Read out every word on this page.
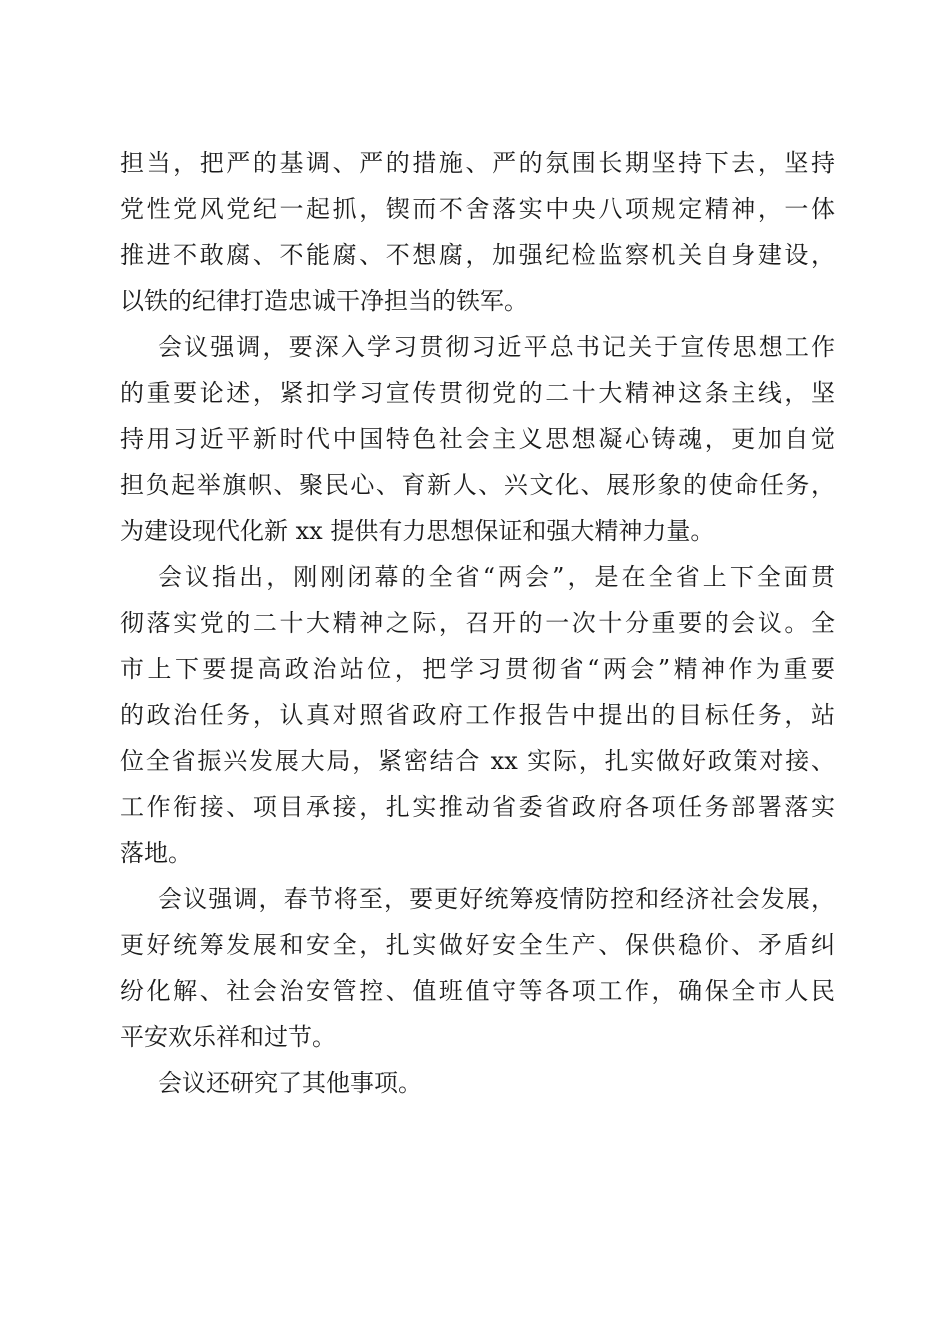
担当，把严的基调、严的措施、严的氛围长期坚持下去，坚持
党性党风党纪一起抓，锲而不舍落实中央八项规定精神，一体
推进不敢腐、不能腐、不想腐，加强纪检监察机关自身建设，
以铁的纪律打造忠诚干净担当的铁军。
会议强调，要深入学习贯彻习近平总书记关于宣传思想工作
的重要论述，紧扣学习宣传贯彻党的二十大精神这条主线，坚
持用习近平新时代中国特色社会主义思想凝心铸魂，更加自觉
担负起举旗帜、聚民心、育新人、兴文化、展形象的使命任务，
为建设现代化新 xx 提供有力思想保证和强大精神力量。
会议指出，刚刚闭幕的全省“两会”，是在全省上下全面贯
彻落实党的二十大精神之际，召开的一次十分重要的会议。全
市上下要提高政治站位，把学习贯彻省“两会”精神作为重要
的政治任务，认真对照省政府工作报告中提出的目标任务，站
位全省振兴发展大局，紧密结合 xx 实际，扎实做好政策对接、
工作衔接、项目承接，扎实推动省委省政府各项任务部署落实
落地。
会议强调，春节将至，要更好统筹疫情防控和经济社会发展，
更好统筹发展和安全，扎实做好安全生产、保供稳价、矛盾纠
纷化解、社会治安管控、值班值守等各项工作，确保全市人民
平安欢乐祥和过节。
会议还研究了其他事项。
